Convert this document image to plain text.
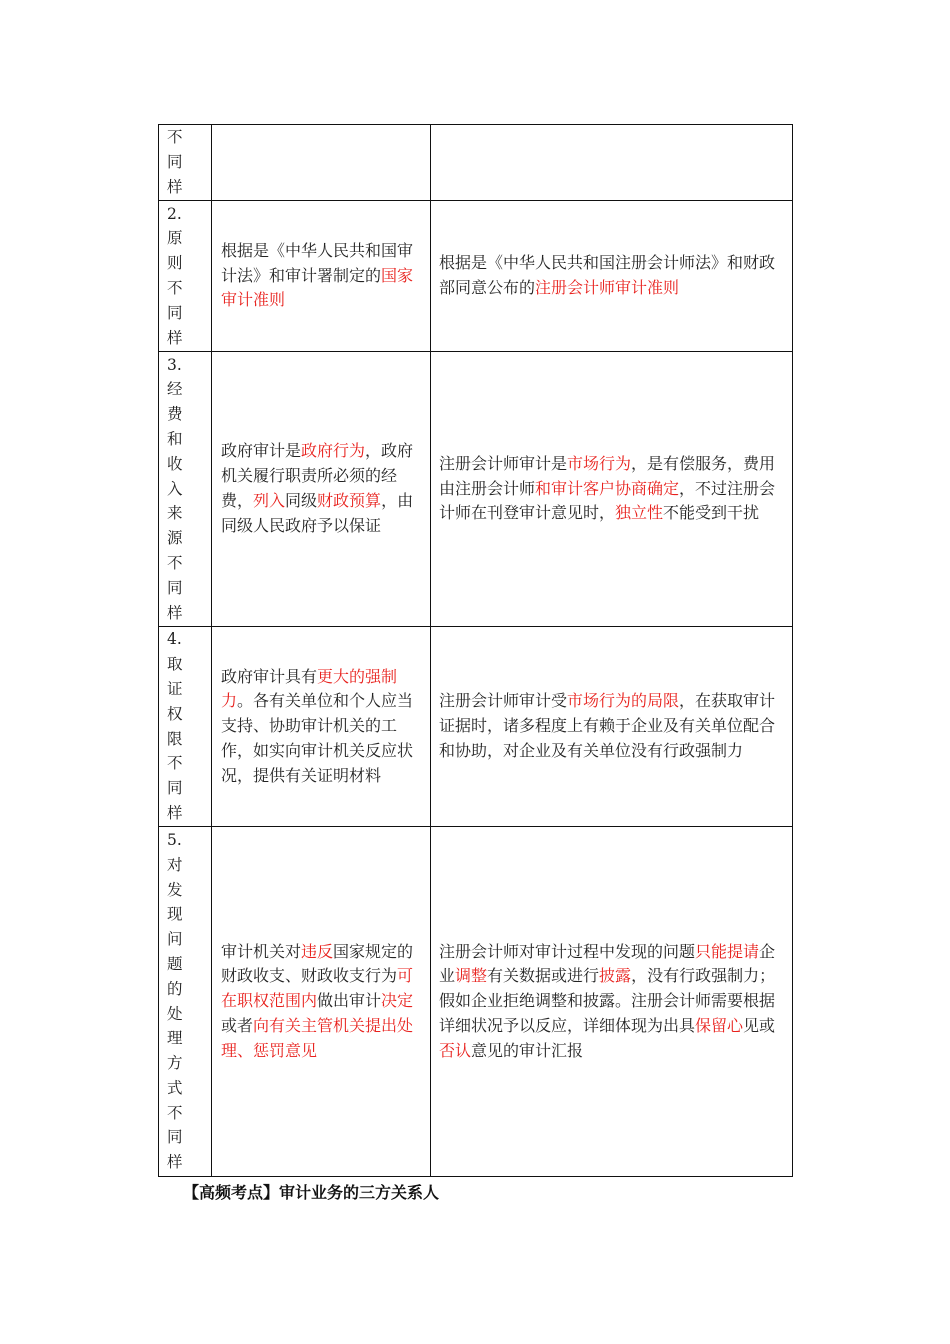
不同样		

2.原则不同样	根据是《中华人民共和国审计法》和审计署制定的国家审计准则	根据是《中华人民共和国注册会计师法》和财政部同意公布的注册会计师审计准则

3.经费和收入来源不同样	政府审计是政府行为，政府机关履行职责所必须的经费，列入同级财政预算，由同级人民政府予以保证	注册会计师审计是市场行为，是有偿服务，费用由注册会计师和审计客户协商确定，不过注册会计师在刊登审计意见时，独立性不能受到干扰

4.取证权限不同样	政府审计具有更大的强制力。各有关单位和个人应当支持、协助审计机关的工作，如实向审计机关反应状况，提供有关证明材料	注册会计师审计受市场行为的局限，在获取审计证据时，诸多程度上有赖于企业及有关单位配合和协助，对企业及有关单位没有行政强制力

5.对发现问题的处理方式不同样	审计机关对违反国家规定的财政收支、财政收支行为可在职权范围内做出审计决定或者向有关主管机关提出处理、惩罚意见	注册会计师对审计过程中发现的问题只能提请企业调整有关数据或进行披露，没有行政强制力；假如企业拒绝调整和披露。注册会计师需要根据详细状况予以反应，详细体现为出具保留心见或否认意见的审计汇报
【高频考点】审计业务的三方关系人
